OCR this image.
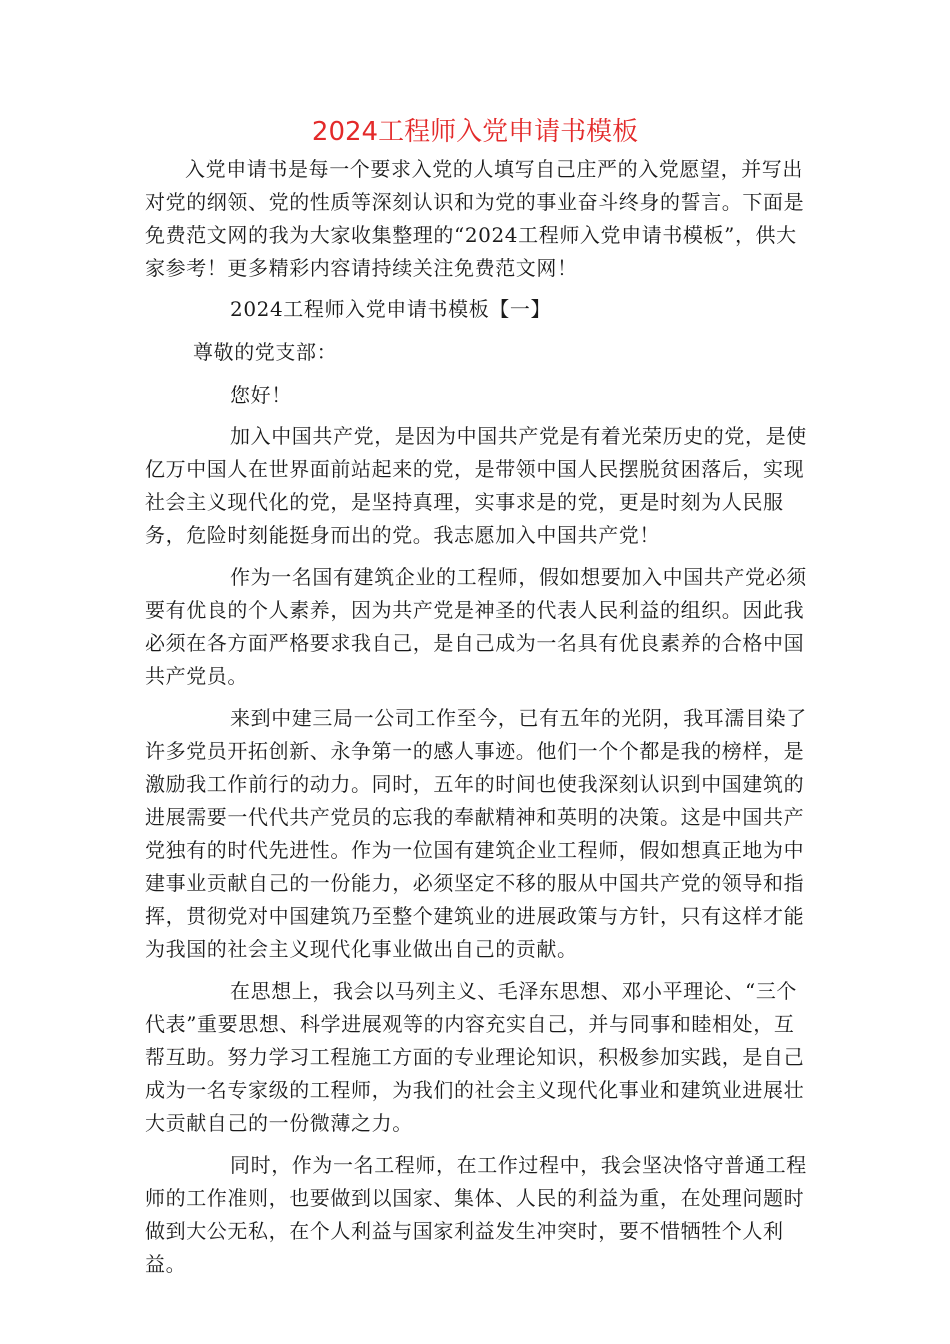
2024工程师入党申请书模板

入党申请书是每一个要求入党的人填写自己庄严的入党愿望，并写出对党的纲领、党的性质等深刻认识和为党的事业奋斗终身的誓言。下面是免费范文网的我为大家收集整理的“2024工程师入党申请书模板”，供大家参考！更多精彩内容请持续关注免费范文网！

2024工程师入党申请书模板【一】

尊敬的党支部：

您好！

加入中国共产党，是因为中国共产党是有着光荣历史的党，是使亿万中国人在世界面前站起来的党，是带领中国人民摆脱贫困落后，实现社会主义现代化的党，是坚持真理，实事求是的党，更是时刻为人民服务，危险时刻能挺身而出的党。我志愿加入中国共产党！

作为一名国有建筑企业的工程师，假如想要加入中国共产党必须要有优良的个人素养，因为共产党是神圣的代表人民利益的组织。因此我必须在各方面严格要求我自己，是自己成为一名具有优良素养的合格中国共产党员。

来到中建三局一公司工作至今，已有五年的光阴，我耳濡目染了许多党员开拓创新、永争第一的感人事迹。他们一个个都是我的榜样，是激励我工作前行的动力。同时，五年的时间也使我深刻认识到中国建筑的进展需要一代代共产党员的忘我的奉献精神和英明的决策。这是中国共产党独有的时代先进性。作为一位国有建筑企业工程师，假如想真正地为中建事业贡献自己的一份能力，必须坚定不移的服从中国共产党的领导和指挥，贯彻党对中国建筑乃至整个建筑业的进展政策与方针，只有这样才能为我国的社会主义现代化事业做出自己的贡献。

在思想上，我会以马列主义、毛泽东思想、邓小平理论、“三个代表”重要思想、科学进展观等的内容充实自己，并与同事和睦相处，互帮互助。努力学习工程施工方面的专业理论知识，积极参加实践，是自己成为一名专家级的工程师，为我们的社会主义现代化事业和建筑业进展壮大贡献自己的一份微薄之力。

同时，作为一名工程师，在工作过程中，我会坚决恪守普通工程师的工作准则，也要做到以国家、集体、人民的利益为重，在处理问题时做到大公无私，在个人利益与国家利益发生冲突时，要不惜牺牲个人利益。
